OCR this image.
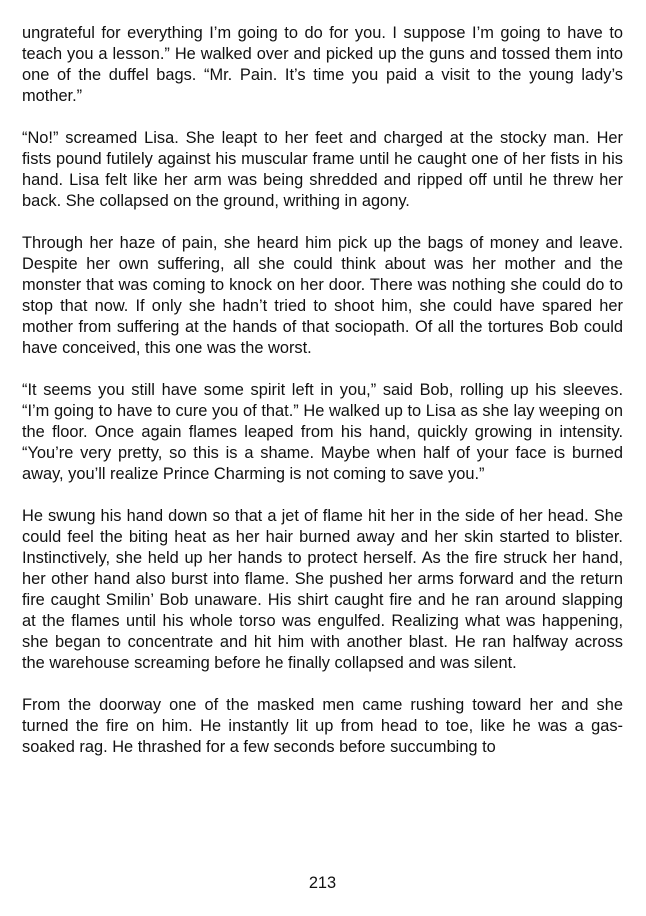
ungrateful for everything I’m going to do for you. I suppose I’m going to have to teach you a lesson.” He walked over and picked up the guns and tossed them into one of the duffel bags. “Mr. Pain. It’s time you paid a visit to the young lady’s mother.”

“No!” screamed Lisa. She leapt to her feet and charged at the stocky man. Her fists pound futilely against his muscular frame until he caught one of her fists in his hand. Lisa felt like her arm was being shredded and ripped off until he threw her back. She collapsed on the ground, writhing in agony.

Through her haze of pain, she heard him pick up the bags of money and leave. Despite her own suffering, all she could think about was her mother and the monster that was coming to knock on her door. There was nothing she could do to stop that now. If only she hadn’t tried to shoot him, she could have spared her mother from suffering at the hands of that sociopath. Of all the tortures Bob could have conceived, this one was the worst.

“It seems you still have some spirit left in you,” said Bob, rolling up his sleeves. “I’m going to have to cure you of that.” He walked up to Lisa as she lay weeping on the floor. Once again flames leaped from his hand, quickly growing in intensity. “You’re very pretty, so this is a shame. Maybe when half of your face is burned away, you’ll realize Prince Charming is not coming to save you.”

He swung his hand down so that a jet of flame hit her in the side of her head. She could feel the biting heat as her hair burned away and her skin started to blister. Instinctively, she held up her hands to protect herself. As the fire struck her hand, her other hand also burst into flame. She pushed her arms forward and the return fire caught Smilin’ Bob unaware. His shirt caught fire and he ran around slapping at the flames until his whole torso was engulfed. Realizing what was happening, she began to concentrate and hit him with another blast. He ran halfway across the warehouse screaming before he finally collapsed and was silent.

From the doorway one of the masked men came rushing toward her and she turned the fire on him. He instantly lit up from head to toe, like he was a gas-soaked rag. He thrashed for a few seconds before succumbing to

213
